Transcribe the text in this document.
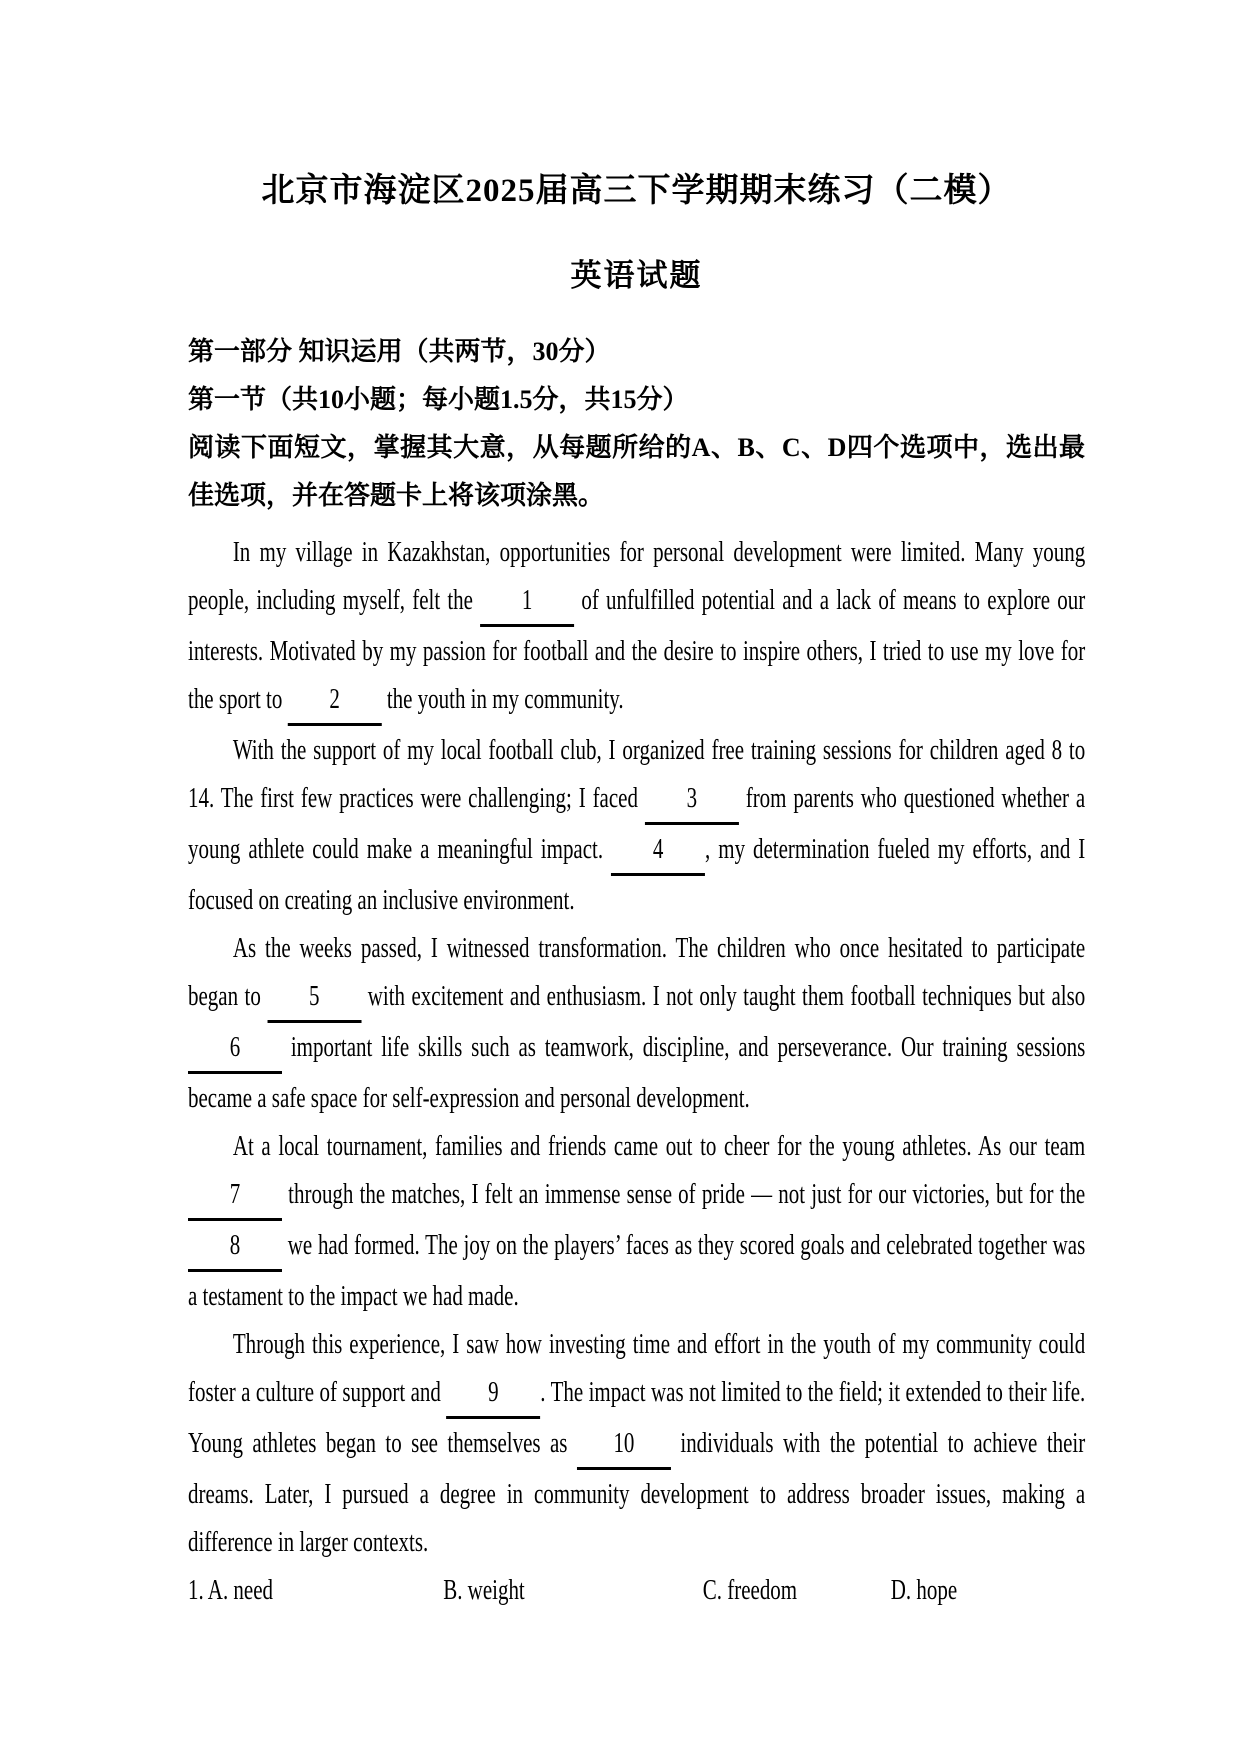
北京市海淀区2025届高三下学期期末练习（二模）
英语试题
第一部分 知识运用（共两节，30分）
第一节（共10小题；每小题1.5分，共15分）
阅读下面短文，掌握其大意，从每题所给的A、B、C、D四个选项中，选出最
佳选项，并在答题卡上将该项涂黑。

In my village in Kazakhstan, opportunities for personal development were limited. Many young people, including myself, felt the 1 of unfulfilled potential and a lack of means to explore our interests. Motivated by my passion for football and the desire to inspire others, I tried to use my love for the sport to 2 the youth in my community.

With the support of my local football club, I organized free training sessions for children aged 8 to 14. The first few practices were challenging; I faced 3 from parents who questioned whether a young athlete could make a meaningful impact. 4 , my determination fueled my efforts, and I focused on creating an inclusive environment.

As the weeks passed, I witnessed transformation. The children who once hesitated to participate began to 5 with excitement and enthusiasm. I not only taught them football techniques but also 6 important life skills such as teamwork, discipline, and perseverance. Our training sessions became a safe space for self-expression and personal development.

At a local tournament, families and friends came out to cheer for the young athletes. As our team 7 through the matches, I felt an immense sense of pride — not just for our victories, but for the 8 we had formed. The joy on the players’ faces as they scored goals and celebrated together was a testament to the impact we had made.

Through this experience, I saw how investing time and effort in the youth of my community could foster a culture of support and 9 . The impact was not limited to the field; it extended to their life. Young athletes began to see themselves as 10 individuals with the potential to achieve their dreams. Later, I pursued a degree in community development to address broader issues, making a difference in larger contexts.

1. A. need	B. weight	C. freedom	D. hope
